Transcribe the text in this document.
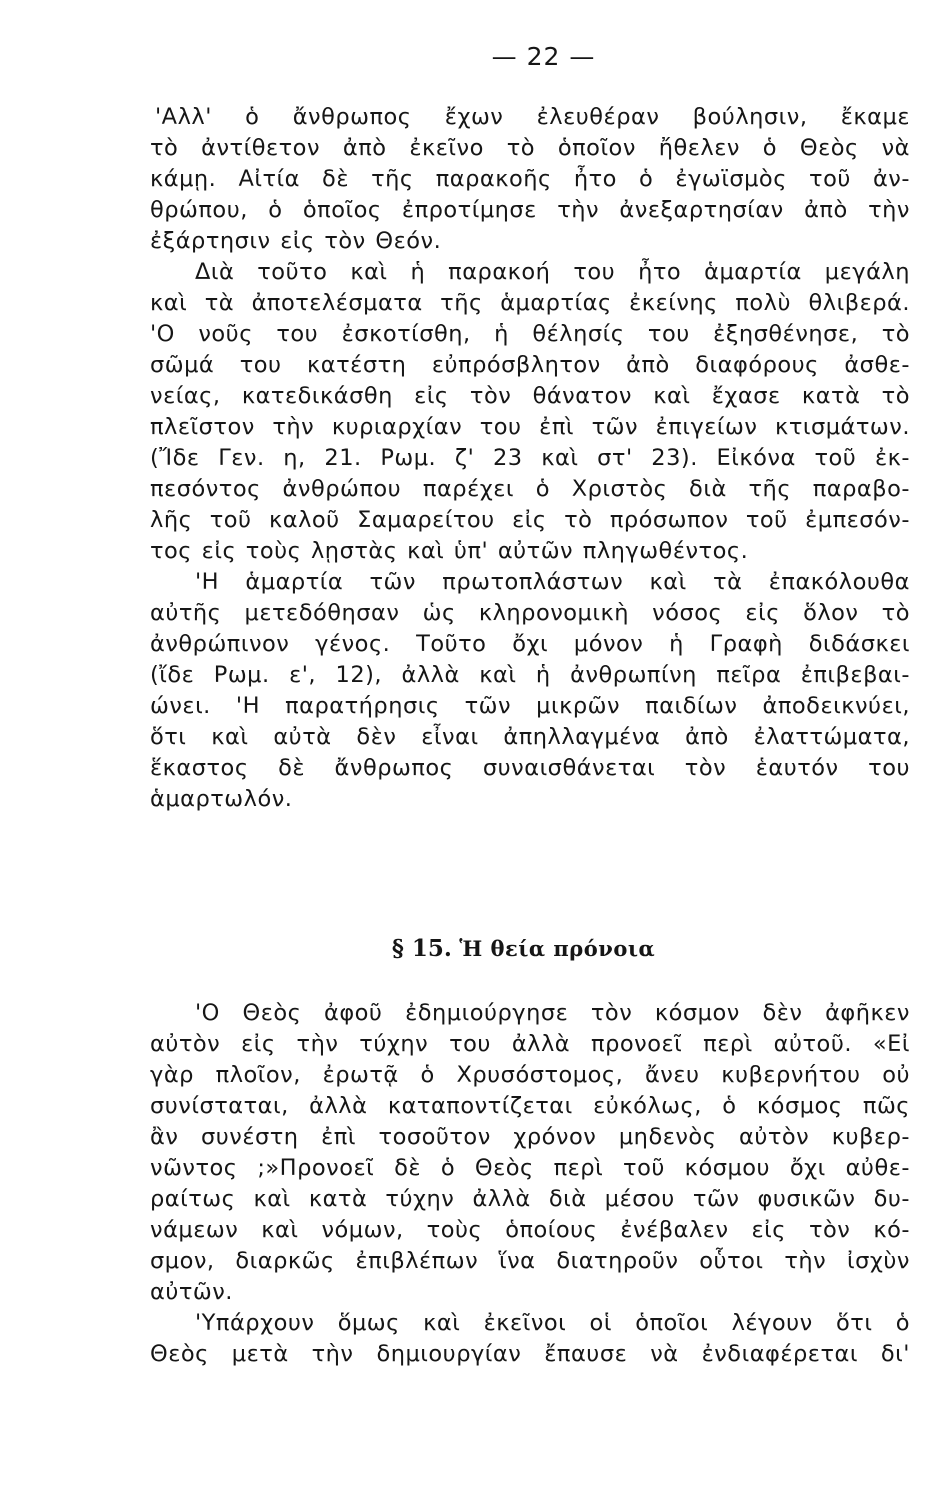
— 22 —
'Αλλ' ὁ ἄνθρωπος ἔχων ἐλευθέραν βούλησιν, ἔκαμε
τὸ ἀντίθετον ἀπὸ ἐκεῖνο τὸ ὁποῖον ἤθελεν ὁ Θεὸς νὰ
κάμῃ. Αἰτία δὲ τῆς παρακοῆς ἦτο ὁ ἐγωϊσμὸς τοῦ ἀν-
θρώπου, ὁ ὁποῖος ἐπροτίμησε τὴν ἀνεξαρτησίαν ἀπὸ τὴν
ἐξάρτησιν εἰς τὸν Θεόν.
Διὰ τοῦτο καὶ ἡ παρακοή του ἦτο ἁμαρτία μεγάλη
καὶ τὰ ἀποτελέσματα τῆς ἁμαρτίας ἐκείνης πολὺ θλιβερά.
'Ο νοῦς του ἐσκοτίσθη, ἡ θέλησίς του ἐξησθένησε, τὸ
σῶμά του κατέστη εὐπρόσβλητον ἀπὸ διαφόρους ἀσθε-
νείας, κατεδικάσθη εἰς τὸν θάνατον καὶ ἔχασε κατὰ τὸ
πλεῖστον τὴν κυριαρχίαν του ἐπὶ τῶν ἐπιγείων κτισμάτων.
(Ἴδε Γεν. η, 21. Ρωμ. ζ' 23 καὶ στ' 23). Εἰκόνα τοῦ ἐκ-
πεσόντος ἀνθρώπου παρέχει ὁ Χριστὸς διὰ τῆς παραβο-
λῆς τοῦ καλοῦ Σαμαρείτου εἰς τὸ πρόσωπον τοῦ ἐμπεσόν-
τος εἰς τοὺς λῃστὰς καὶ ὑπ' αὐτῶν πληγωθέντος.
'Η ἁμαρτία τῶν πρωτοπλάστων καὶ τὰ ἐπακόλουθα
αὐτῆς μετεδόθησαν ὡς κληρονομικὴ νόσος εἰς ὅλον τὸ
ἀνθρώπινον γένος. Τοῦτο ὄχι μόνον ἡ Γραφὴ διδάσκει
(ἴδε Ρωμ. ε', 12), ἀλλὰ καὶ ἡ ἀνθρωπίνη πεῖρα ἐπιβεβαι-
ώνει. 'Η παρατήρησις τῶν μικρῶν παιδίων ἀποδεικνύει,
ὅτι καὶ αὐτὰ δὲν εἶναι ἀπηλλαγμένα ἀπὸ ἐλαττώματα,
ἕκαστος δὲ ἄνθρωπος συναισθάνεται τὸν ἑαυτόν του
ἁμαρτωλόν.
§ 15. Ἡ θεία πρόνοια
'Ο Θεὸς ἀφοῦ ἐδημιούργησε τὸν κόσμον δὲν ἀφῆκεν
αὐτὸν εἰς τὴν τύχην του ἀλλὰ προνοεῖ περὶ αὐτοῦ. «Εἰ
γὰρ πλοῖον, ἐρωτᾷ ὁ Χρυσόστομος, ἄνευ κυβερνήτου οὐ
συνίσταται, ἀλλὰ καταποντίζεται εὐκόλως, ὁ κόσμος πῶς
ἂν συνέστη ἐπὶ τοσοῦτον χρόνον μηδενὸς αὐτὸν κυβερ-
νῶντος ;»Προνοεῖ δὲ ὁ Θεὸς περὶ τοῦ κόσμου ὄχι αὐθε-
ραίτως καὶ κατὰ τύχην ἀλλὰ διὰ μέσου τῶν φυσικῶν δυ-
νάμεων καὶ νόμων, τοὺς ὁποίους ἐνέβαλεν εἰς τὸν κό-
σμον, διαρκῶς ἐπιβλέπων ἵνα διατηροῦν οὗτοι τὴν ἰσχὺν
αὐτῶν.
'Υπάρχουν ὅμως καὶ ἐκεῖνοι οἱ ὁποῖοι λέγουν ὅτι ὁ
Θεὸς μετὰ τὴν δημιουργίαν ἔπαυσε νὰ ἐνδιαφέρεται δι'
